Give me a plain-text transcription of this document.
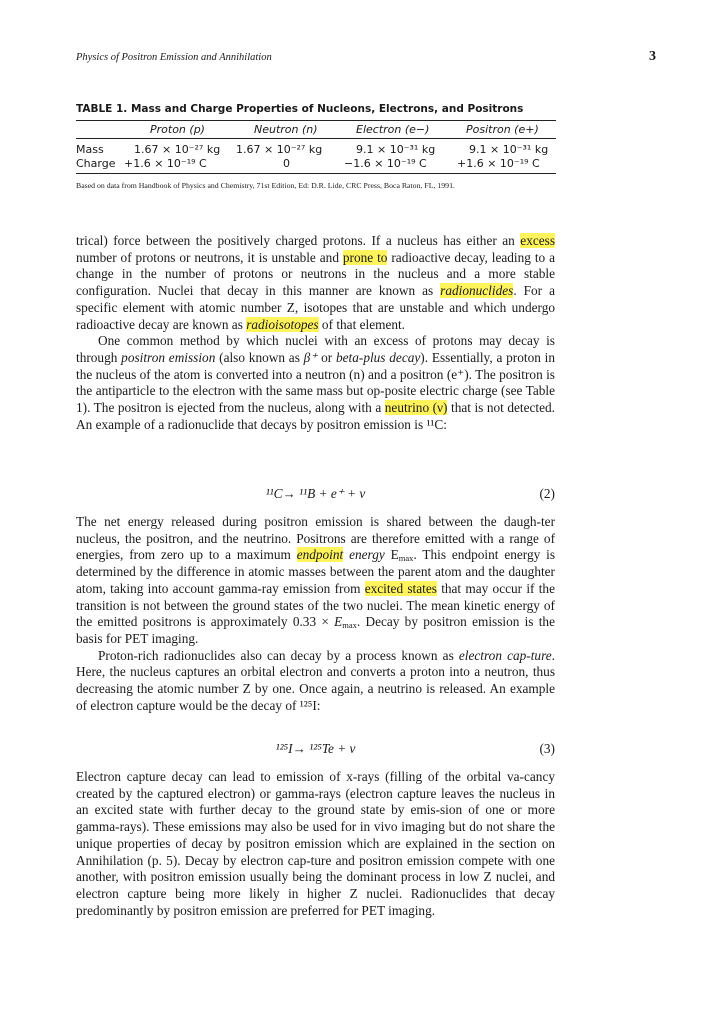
Physics of Positron Emission and Annihilation	3
TABLE 1. Mass and Charge Properties of Nucleons, Electrons, and Positrons
Proton (p)	Neutron (n)	Electron (e−)	Positron (e+)
Mass	1.67 × 10⁻²⁷ kg 1.67 × 10⁻²⁷ kg	9.1 × 10⁻³¹ kg	9.1 × 10⁻³¹ kg
Charge +1.6 × 10⁻¹⁹ C	0	−1.6 × 10⁻¹⁹ C	+1.6 × 10⁻¹⁹ C
Based on data from Handbook of Physics and Chemistry, 71st Edition, Ed: D.R. Lide, CRC Press, Boca Raton, FL, 1991.

trical) force between the positively charged protons. If a nucleus has either an excess number of protons or neutrons, it is unstable and prone to radioactive decay, leading to a change in the number of protons or neutrons in the nucleus and a more stable configuration. Nuclei that decay in this manner are known as radionuclides. For a specific element with atomic number Z, isotopes that are unstable and which undergo radioactive decay are known as radioisotopes of that element.

One common method by which nuclei with an excess of protons may decay is through positron emission (also known as β⁺ or beta-plus decay). Essentially, a proton in the nucleus of the atom is converted into a neutron (n) and a positron (e⁺). The positron is the antiparticle to the electron with the same mass but op-posite electric charge (see Table 1). The positron is ejected from the nucleus, along with a neutrino (ν) that is not detected. An example of a radionuclide that decays by positron emission is ¹¹C:

¹¹C→ ¹¹B + e⁺ + ν	(2)

The net energy released during positron emission is shared between the daugh-ter nucleus, the positron, and the neutrino. Positrons are therefore emitted with a range of energies, from zero up to a maximum endpoint energy $E_{max}$. This endpoint energy is determined by the difference in atomic masses between the parent atom and the daughter atom, taking into account gamma-ray emission from excited states that may occur if the transition is not between the ground states of the two nuclei. The mean kinetic energy of the emitted positrons is approximately $0.33 \times E_{max}$. Decay by positron emission is the basis for PET imaging.

Proton-rich radionuclides also can decay by a process known as electron cap-ture. Here, the nucleus captures an orbital electron and converts a proton into a neutron, thus decreasing the atomic number Z by one. Once again, a neutrino is released. An example of electron capture would be the decay of ¹²⁵I:

¹²⁵I→ ¹²⁵Te + ν	(3)

Electron capture decay can lead to emission of x-rays (filling of the orbital va-cancy created by the captured electron) or gamma-rays (electron capture leaves the nucleus in an excited state with further decay to the ground state by emis-sion of one or more gamma-rays). These emissions may also be used for in vivo imaging but do not share the unique properties of decay by positron emission which are explained in the section on Annihilation (p. 5). Decay by electron cap-ture and positron emission compete with one another, with positron emission usually being the dominant process in low Z nuclei, and electron capture being more likely in higher Z nuclei. Radionuclides that decay predominantly by positron emission are preferred for PET imaging.
